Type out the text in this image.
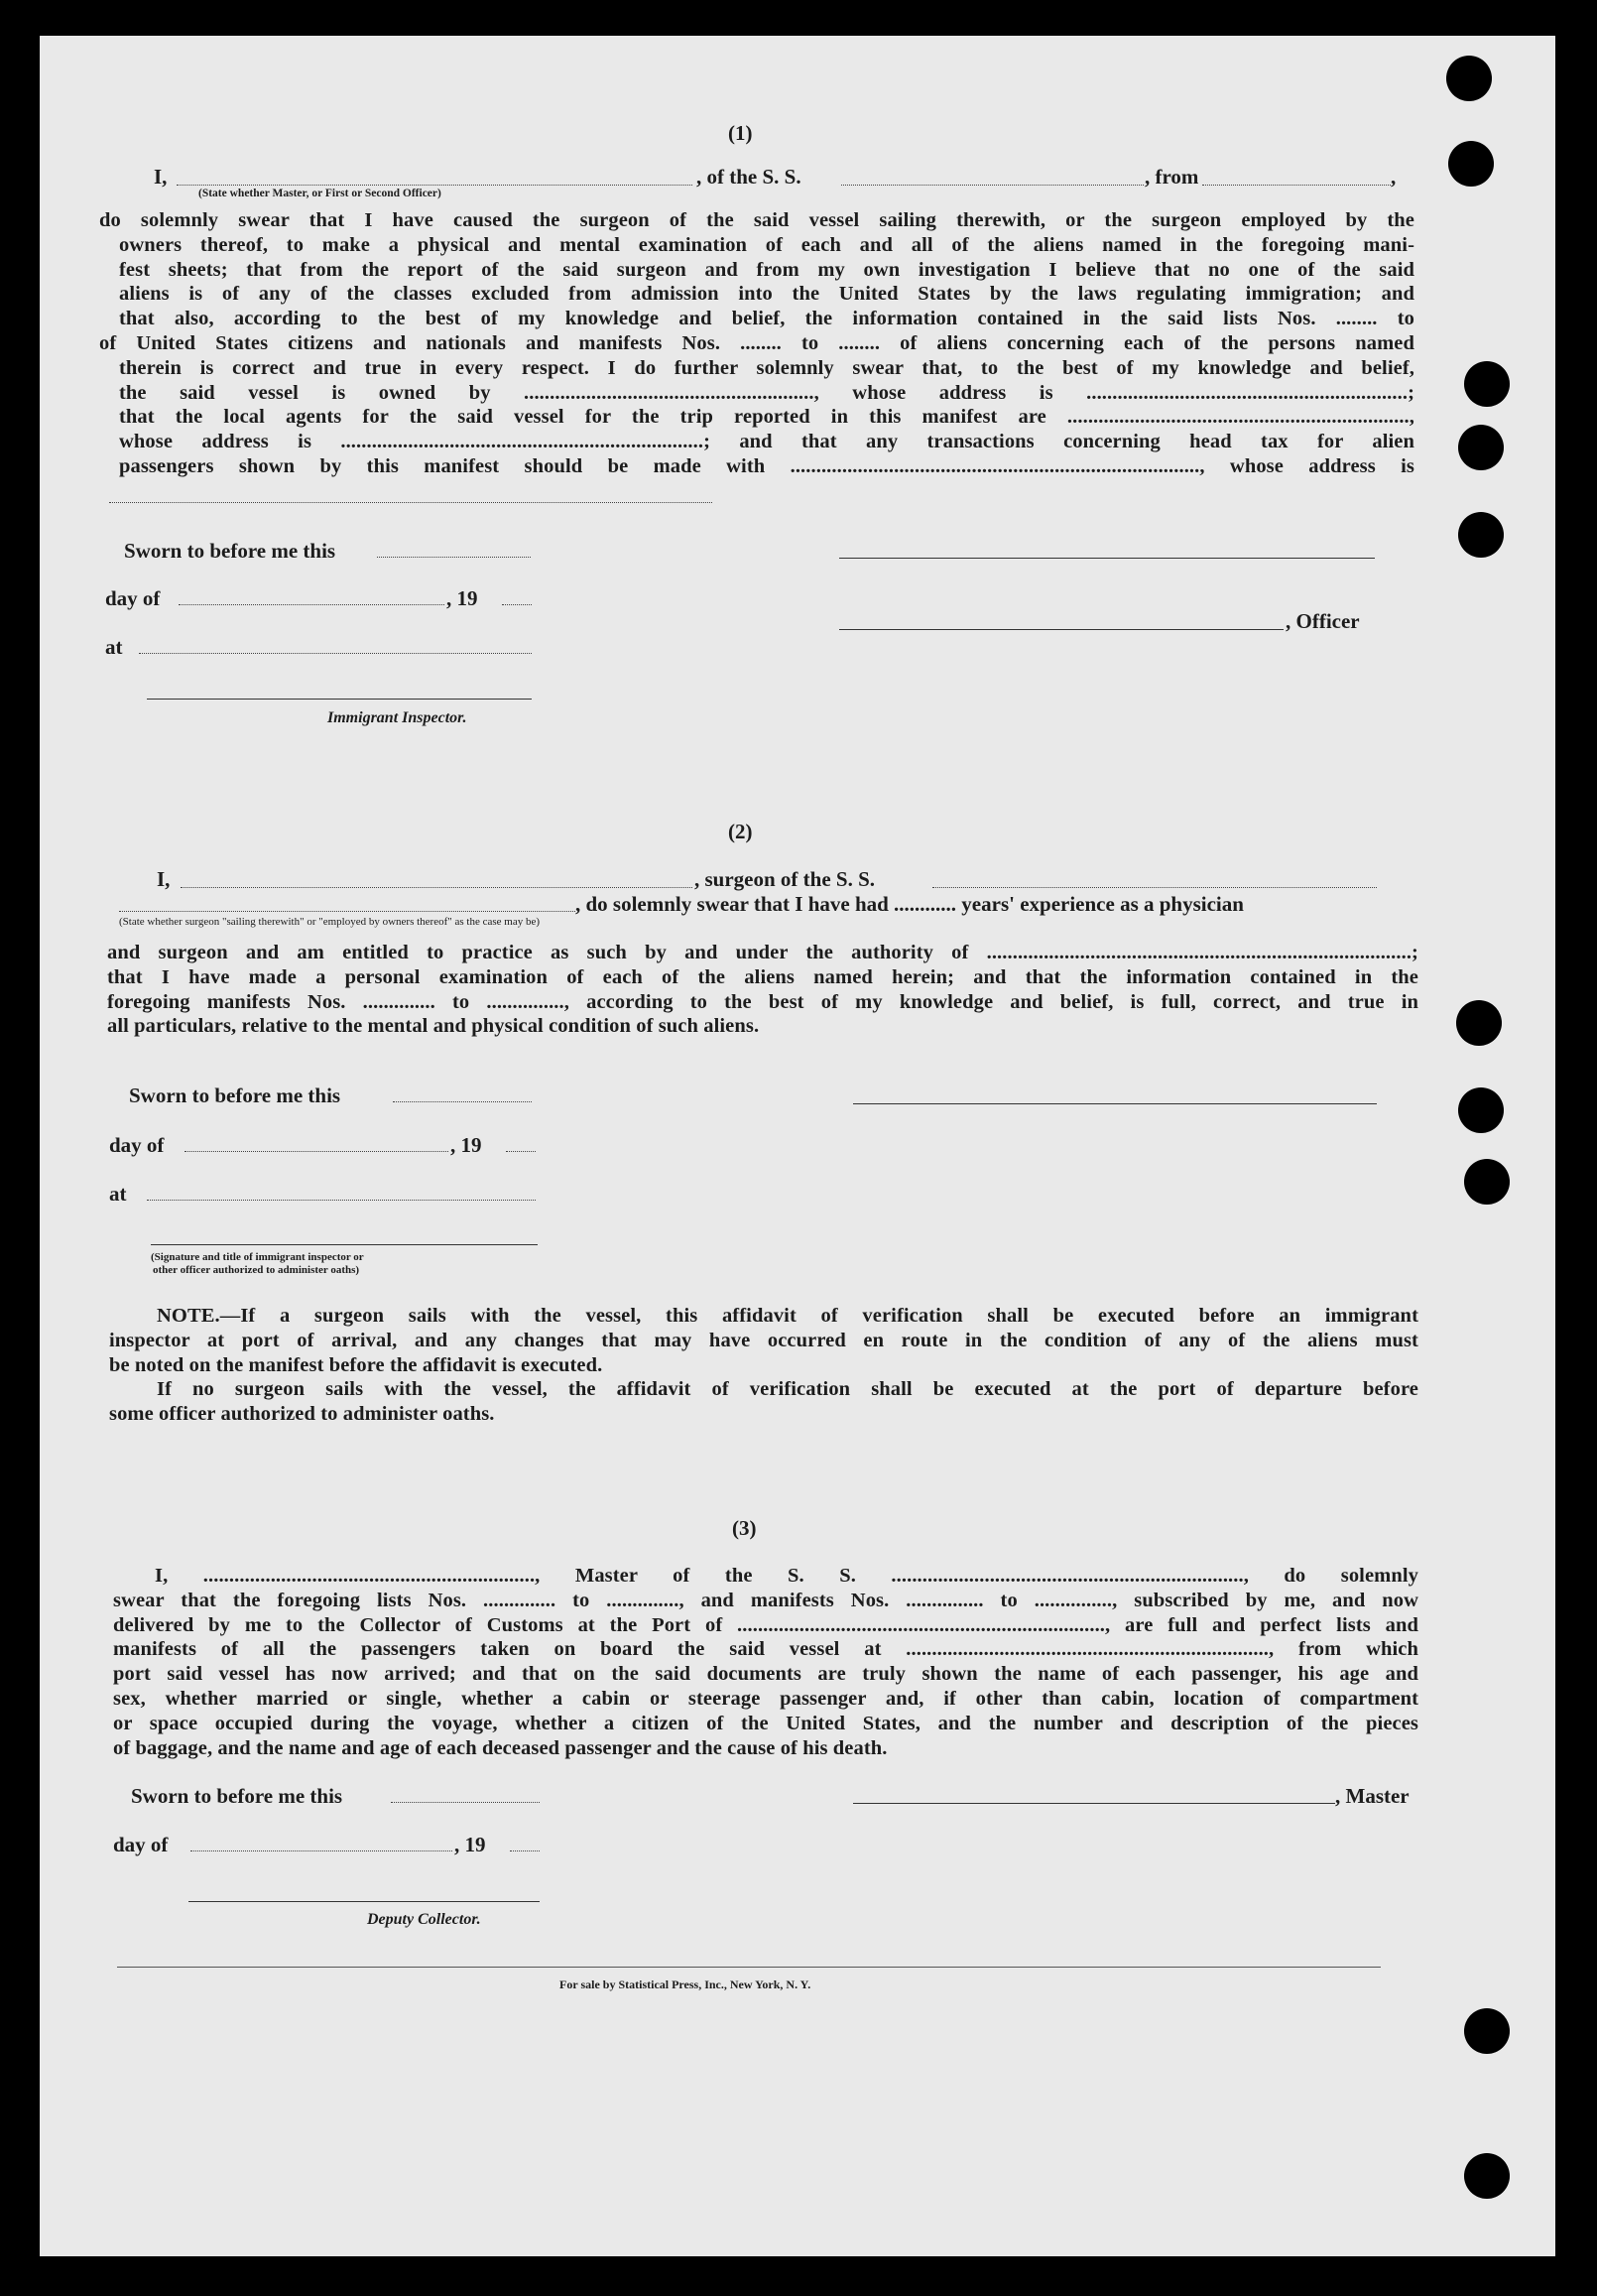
(1)
I,
(State whether Master, or First or Second Officer)
, of the S. S.	, from	,
do solemnly swear that I have caused the surgeon of the said vessel sailing therewith, or the surgeon employed by the
owners thereof, to make a physical and mental examination of each and all of the aliens named in the foregoing mani-
fest sheets; that from the report of the said surgeon and from my own investigation I believe that no one of the said
aliens is of any of the classes excluded from admission into the United States by the laws regulating immigration; and
that also, according to the best of my knowledge and belief, the information contained in the said lists Nos. ........ to
of United States citizens and nationals and manifests Nos. ........ to ........ of aliens concerning each of the persons named
therein is correct and true in every respect. I do further solemnly swear that, to the best of my knowledge and belief,
the said vessel is owned by ........................................................, whose address is ..............................................................;
that the local agents for the said vessel for the trip reported in this manifest are ..................................................................,
whose address is ......................................................................; and that any transactions concerning head tax for alien
passengers shown by this manifest should be made with ..............................................................................., whose address is
Sworn to before me this
day of	, 19
at
Immigrant Inspector.
, Officer
(2)
I,	, surgeon of the S. S.
, do solemnly swear that I have had ............ years' experience as a physician
(State whether surgeon "sailing therewith" or "employed by owners thereof" as the case may be)
and surgeon and am entitled to practice as such by and under the authority of ..................................................................................;
that I have made a personal examination of each of the aliens named herein; and that the information contained in the
foregoing manifests Nos. .............. to ..............., according to the best of my knowledge and belief, is full, correct, and true in
all particulars, relative to the mental and physical condition of such aliens.
Sworn to before me this
day of	, 19
at
(Signature and title of immigrant inspector or
other officer authorized to administer oaths)
NOTE.—If a surgeon sails with the vessel, this affidavit of verification shall be executed before an immigrant
inspector at port of arrival, and any changes that may have occurred en route in the condition of any of the aliens must
be noted on the manifest before the affidavit is executed.
If no surgeon sails with the vessel, the affidavit of verification shall be executed at the port of departure before
some officer authorized to administer oaths.
(3)
I, ................................................................, Master of the S. S. ...................................................................., do solemnly
swear that the foregoing lists Nos. .............. to .............., and manifests Nos. ............... to ..............., subscribed by me, and now
delivered by me to the Collector of Customs at the Port of ......................................................................., are full and perfect lists and
manifests of all the passengers taken on board the said vessel at ......................................................................, from which
port said vessel has now arrived; and that on the said documents are truly shown the name of each passenger, his age and
sex, whether married or single, whether a cabin or steerage passenger and, if other than cabin, location of compartment
or space occupied during the voyage, whether a citizen of the United States, and the number and description of the pieces
of baggage, and the name and age of each deceased passenger and the cause of his death.
Sworn to before me this	, Master
day of	, 19
Deputy Collector.
For sale by Statistical Press, Inc., New York, N. Y.
